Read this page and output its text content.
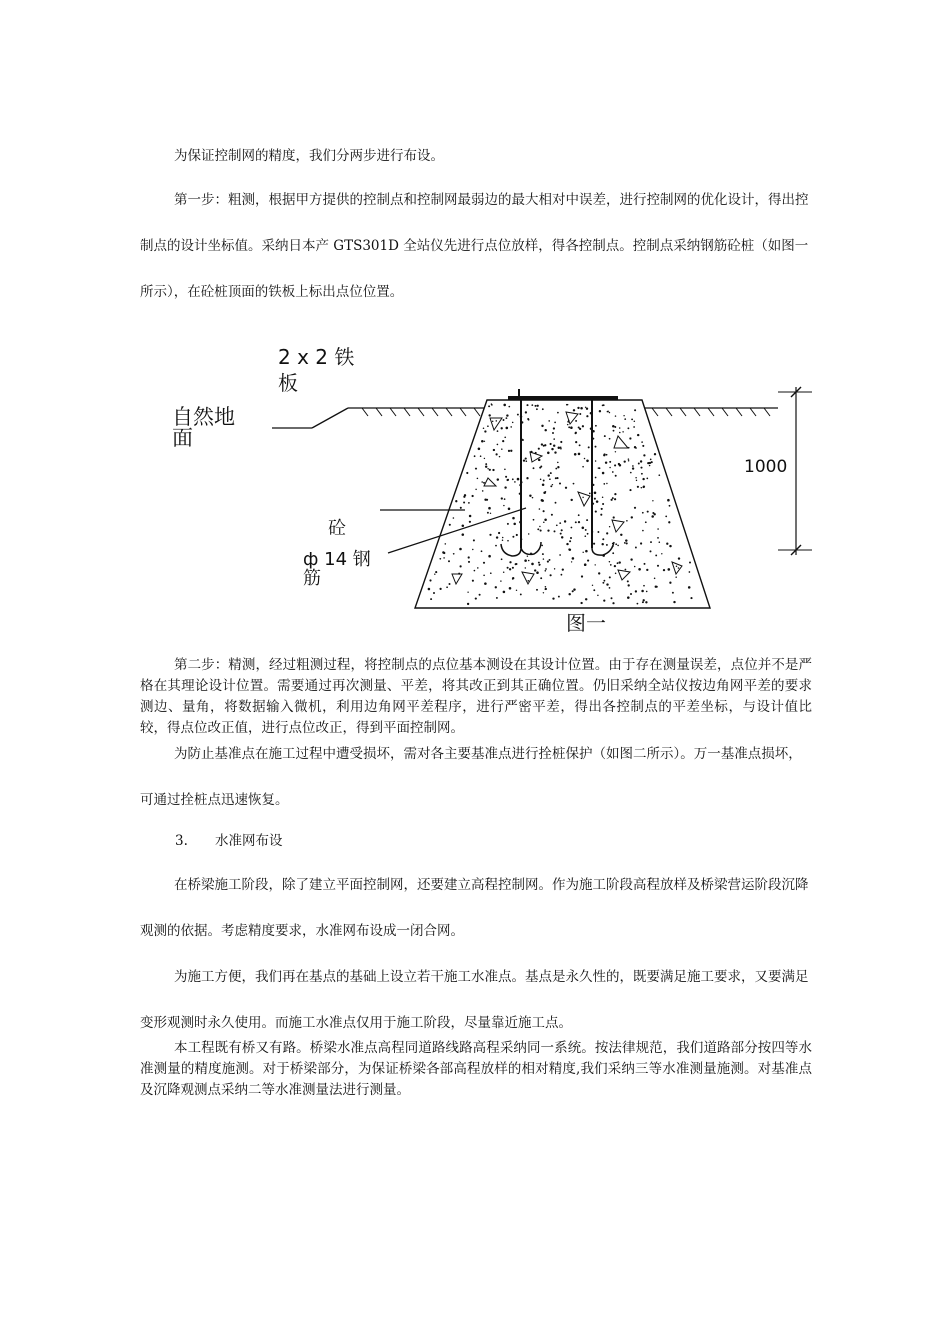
为保证控制网的精度，我们分两步进行布设。

第一步：粗测，根据甲方提供的控制点和控制网最弱边的最大相对中误差，进行控制网的优化设计，得出控制点的设计坐标值。采纳日本产 GTS301D 全站仪先进行点位放样，得各控制点。控制点采纳钢筋砼桩（如图一所示），在砼桩顶面的铁板上标出点位位置。

2 x 2 铁
板
自然地
面
砼
ф 14 钢
筋
1000
图一

第二步：精测，经过粗测过程，将控制点的点位基本测设在其设计位置。由于存在测量误差，点位并不是严格在其理论设计位置。需要通过再次测量、平差，将其改正到其正确位置。仍旧采纳全站仪按边角网平差的要求测边、量角，将数据输入微机，利用边角网平差程序，进行严密平差，得出各控制点的平差坐标，与设计值比较，得点位改正值，进行点位改正，得到平面控制网。

为防止基准点在施工过程中遭受损坏，需对各主要基准点进行拴桩保护（如图二所示）。万一基准点损坏，可通过拴桩点迅速恢复。

3. 水准网布设

在桥梁施工阶段，除了建立平面控制网，还要建立高程控制网。作为施工阶段高程放样及桥梁营运阶段沉降观测的依据。考虑精度要求，水准网布设成一闭合网。

为施工方便，我们再在基点的基础上设立若干施工水准点。基点是永久性的，既要满足施工要求，又要满足变形观测时永久使用。而施工水准点仅用于施工阶段，尽量靠近施工点。

本工程既有桥又有路。桥梁水准点高程同道路线路高程采纳同一系统。按法律规范，我们道路部分按四等水准测量的精度施测。对于桥梁部分，为保证桥梁各部高程放样的相对精度,我们采纳三等水准测量施测。对基准点及沉降观测点采纳二等水准测量法进行测量。
